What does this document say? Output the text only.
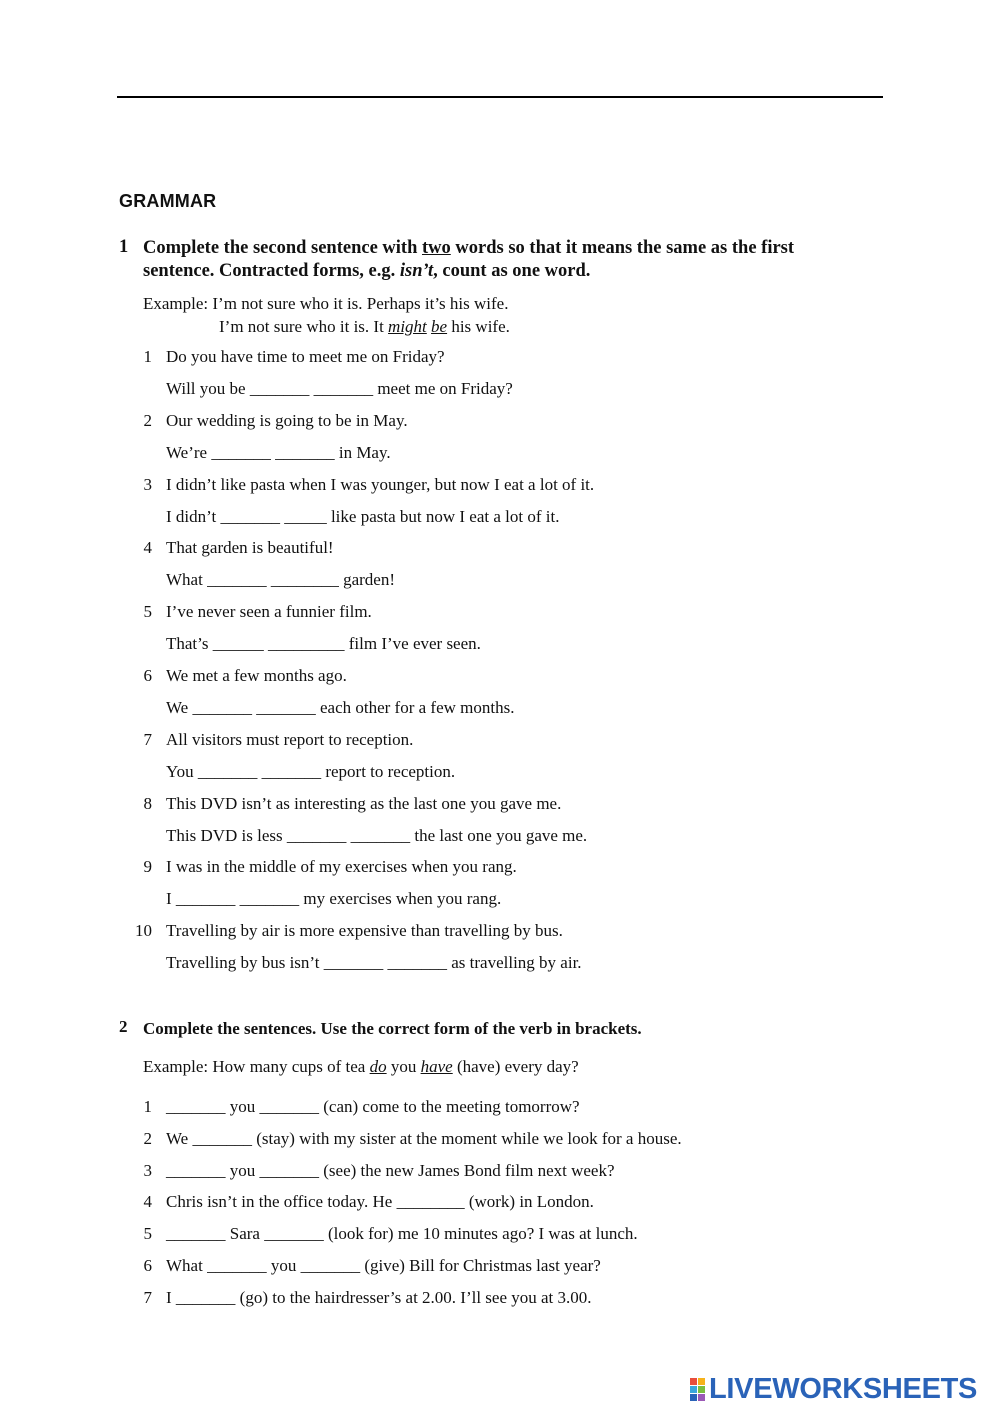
GRAMMAR
1 Complete the second sentence with two words so that it means the same as the first
sentence. Contracted forms, e.g. isn’t, count as one word.
Example: I’m not sure who it is. Perhaps it’s his wife.
I’m not sure who it is. It might be his wife.
1 Do you have time to meet me on Friday?
Will you be _______ _______ meet me on Friday?
2 Our wedding is going to be in May.
We’re _______ _______ in May.
3 I didn’t like pasta when I was younger, but now I eat a lot of it.
I didn’t _______ _____ like pasta but now I eat a lot of it.
4 That garden is beautiful!
What _______ ________ garden!
5 I’ve never seen a funnier film.
That’s ______ _________ film I’ve ever seen.
6 We met a few months ago.
We _______ _______ each other for a few months.
7 All visitors must report to reception.
You _______ _______ report to reception.
8 This DVD isn’t as interesting as the last one you gave me.
This DVD is less _______ _______ the last one you gave me.
9 I was in the middle of my exercises when you rang.
I _______ _______ my exercises when you rang.
10 Travelling by air is more expensive than travelling by bus.
Travelling by bus isn’t _______ _______ as travelling by air.
2 Complete the sentences. Use the correct form of the verb in brackets.
Example: How many cups of tea do you have (have) every day?
1 _______ you _______ (can) come to the meeting tomorrow?
2 We _______ (stay) with my sister at the moment while we look for a house.
3 _______ you _______ (see) the new James Bond film next week?
4 Chris isn’t in the office today. He ________ (work) in London.
5 _______ Sara _______ (look for) me 10 minutes ago? I was at lunch.
6 What _______ you _______ (give) Bill for Christmas last year?
7 I _______ (go) to the hairdresser’s at 2.00. I’ll see you at 3.00.
LIVEWORKSHEETS
